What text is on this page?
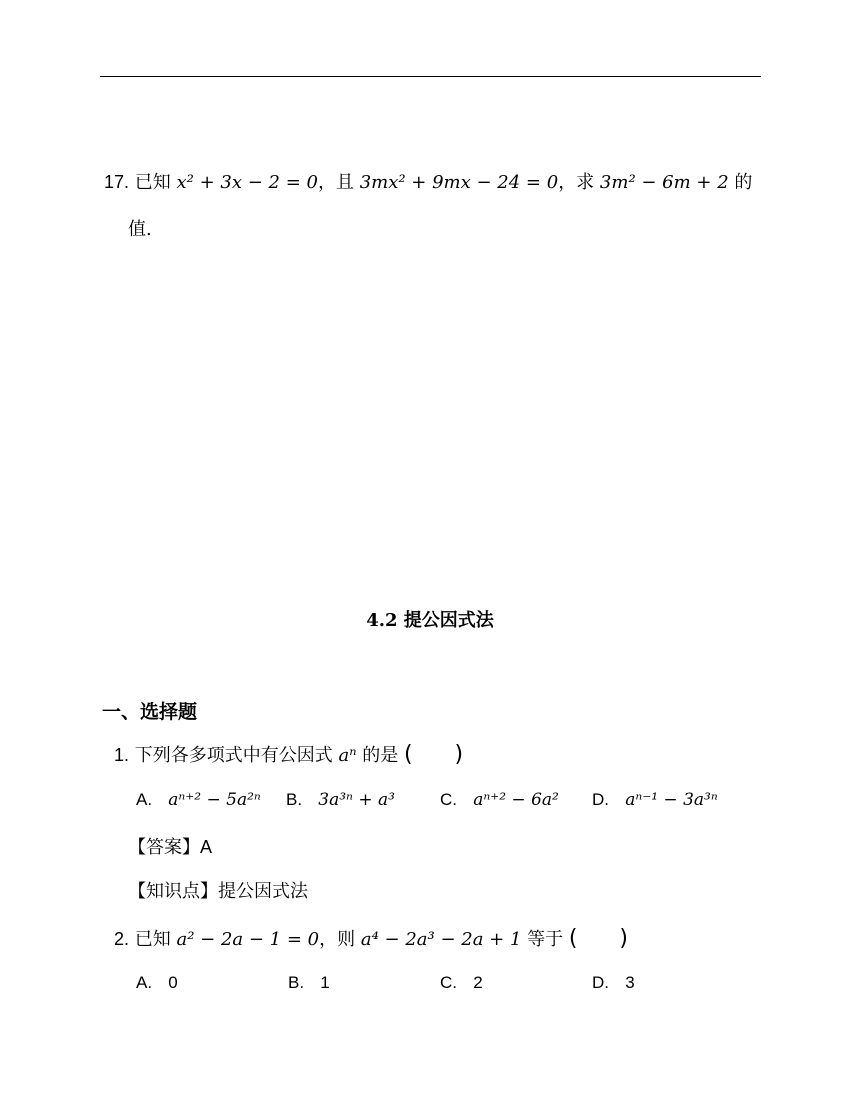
17. 已知 x² + 3x − 2 = 0，且 3mx² + 9mx − 24 = 0，求 3m² − 6m + 2 的
值.
4.2 提公因式法
一、选择题
1. 下列各多项式中有公因式 aⁿ 的是 (      )
A. aⁿ⁺² − 5a²ⁿ B. 3a³ⁿ + a³	C. aⁿ⁺² − 6a² D. aⁿ⁻¹ − 3a³ⁿ
【答案】A
【知识点】提公因式法
2. 已知 a² − 2a − 1 = 0，则 a⁴ − 2a³ − 2a + 1 等于 (      )
A. 0	B. 1	C. 2	D. 3
